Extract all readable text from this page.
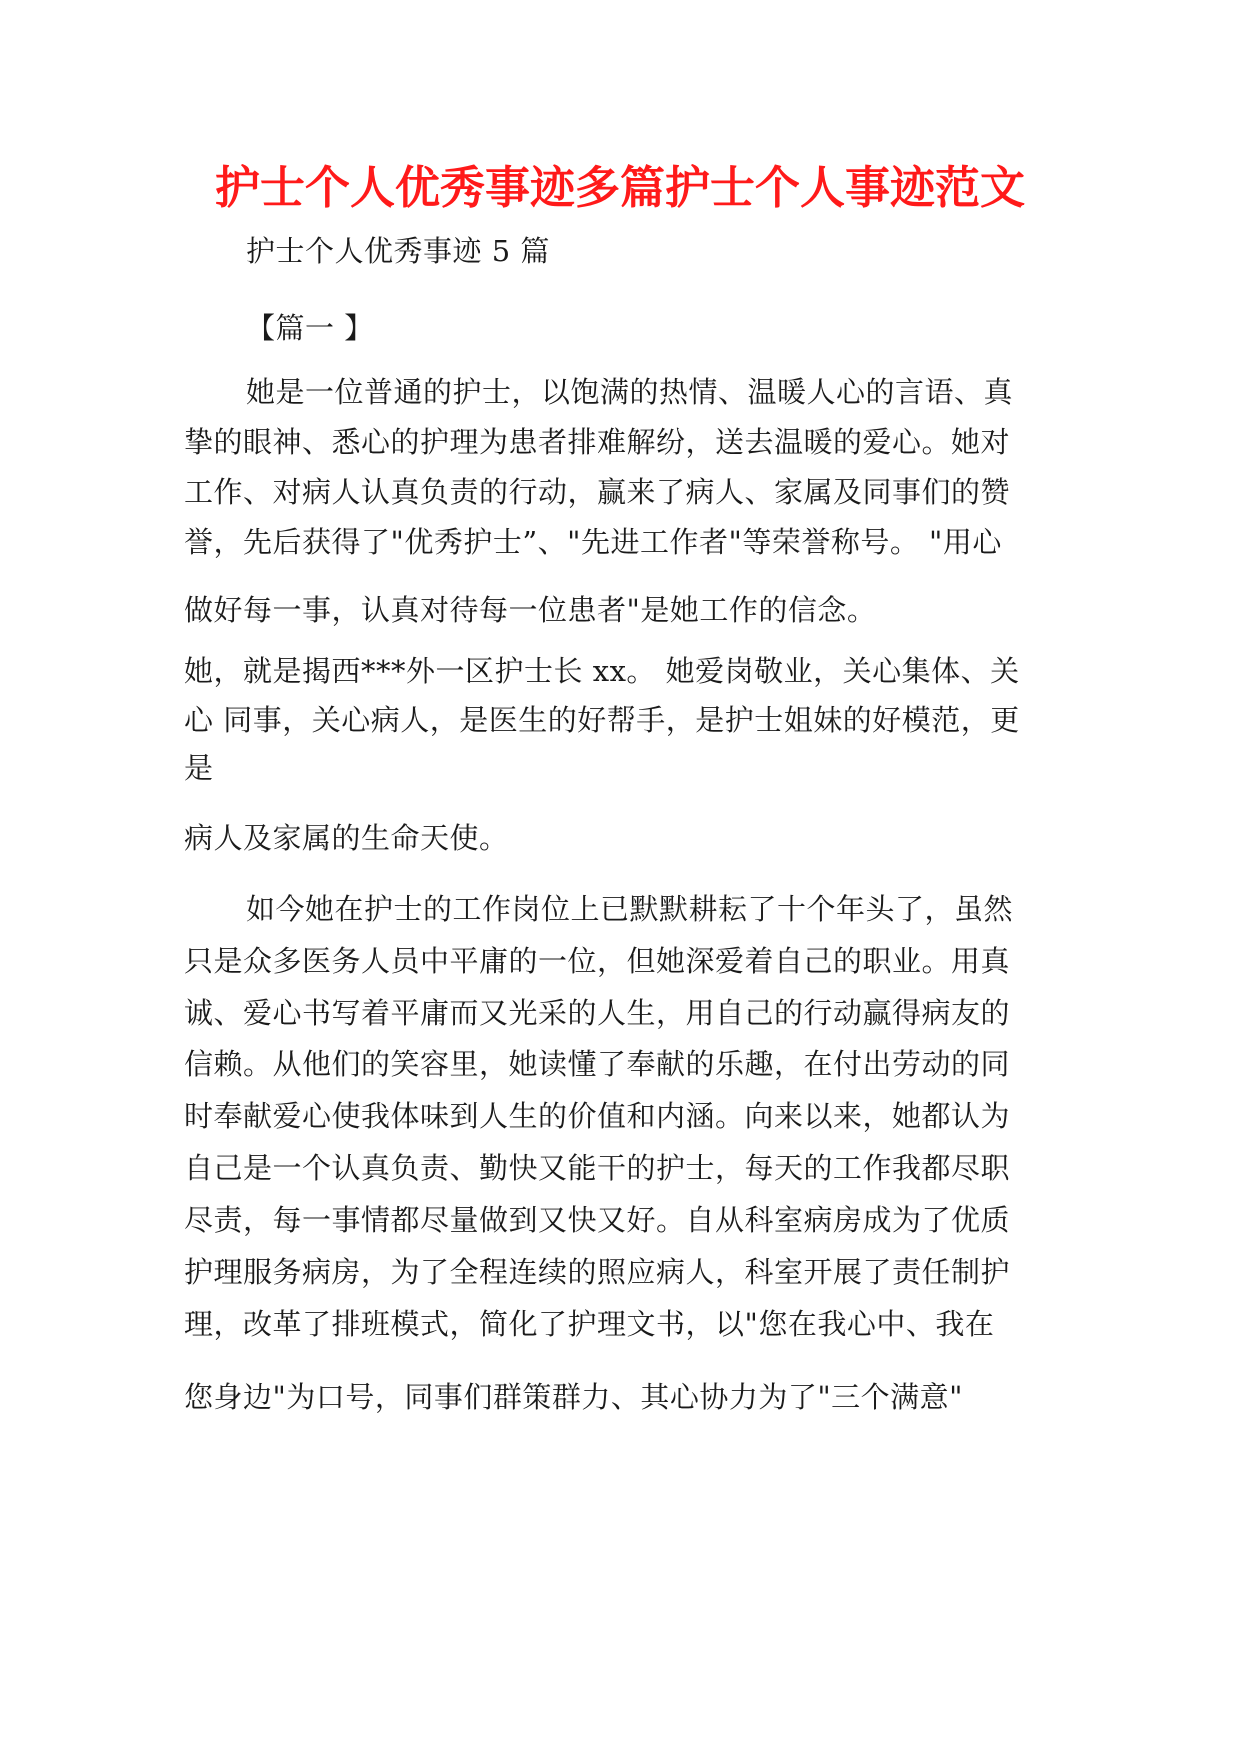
护士个人优秀事迹多篇护士个人事迹范文
护士个人优秀事迹 5 篇
【篇一 】
她是一位普通的护士，以饱满的热情、温暖人心的言语、真
挚的眼神、悉心的护理为患者排难解纷，送去温暖的爱心。她对
工作、对病人认真负责的行动，赢来了病人、家属及同事们的赞
誉，先后获得了"优秀护士”、"先进工作者"等荣誉称号。 "用心
做好每一事，认真对待每一位患者"是她工作的信念。
她，就是揭西***外一区护士长 xx。 她爱岗敬业，关心集体、关
心 同事，关心病人，是医生的好帮手，是护士姐妹的好模范，更
是
病人及家属的生命天使。
如今她在护士的工作岗位上已默默耕耘了十个年头了，虽然
只是众多医务人员中平庸的一位，但她深爱着自己的职业。用真
诚、爱心书写着平庸而又光采的人生，用自己的行动赢得病友的
信赖。从他们的笑容里，她读懂了奉献的乐趣，在付出劳动的同
时奉献爱心使我体味到人生的价值和内涵。向来以来，她都认为
自己是一个认真负责、勤快又能干的护士，每天的工作我都尽职
尽责，每一事情都尽量做到又快又好。自从科室病房成为了优质
护理服务病房，为了全程连续的照应病人，科室开展了责任制护
理，改革了排班模式，简化了护理文书，以"您在我心中、我在
您身边"为口号，同事们群策群力、其心协力为了"三个满意"
